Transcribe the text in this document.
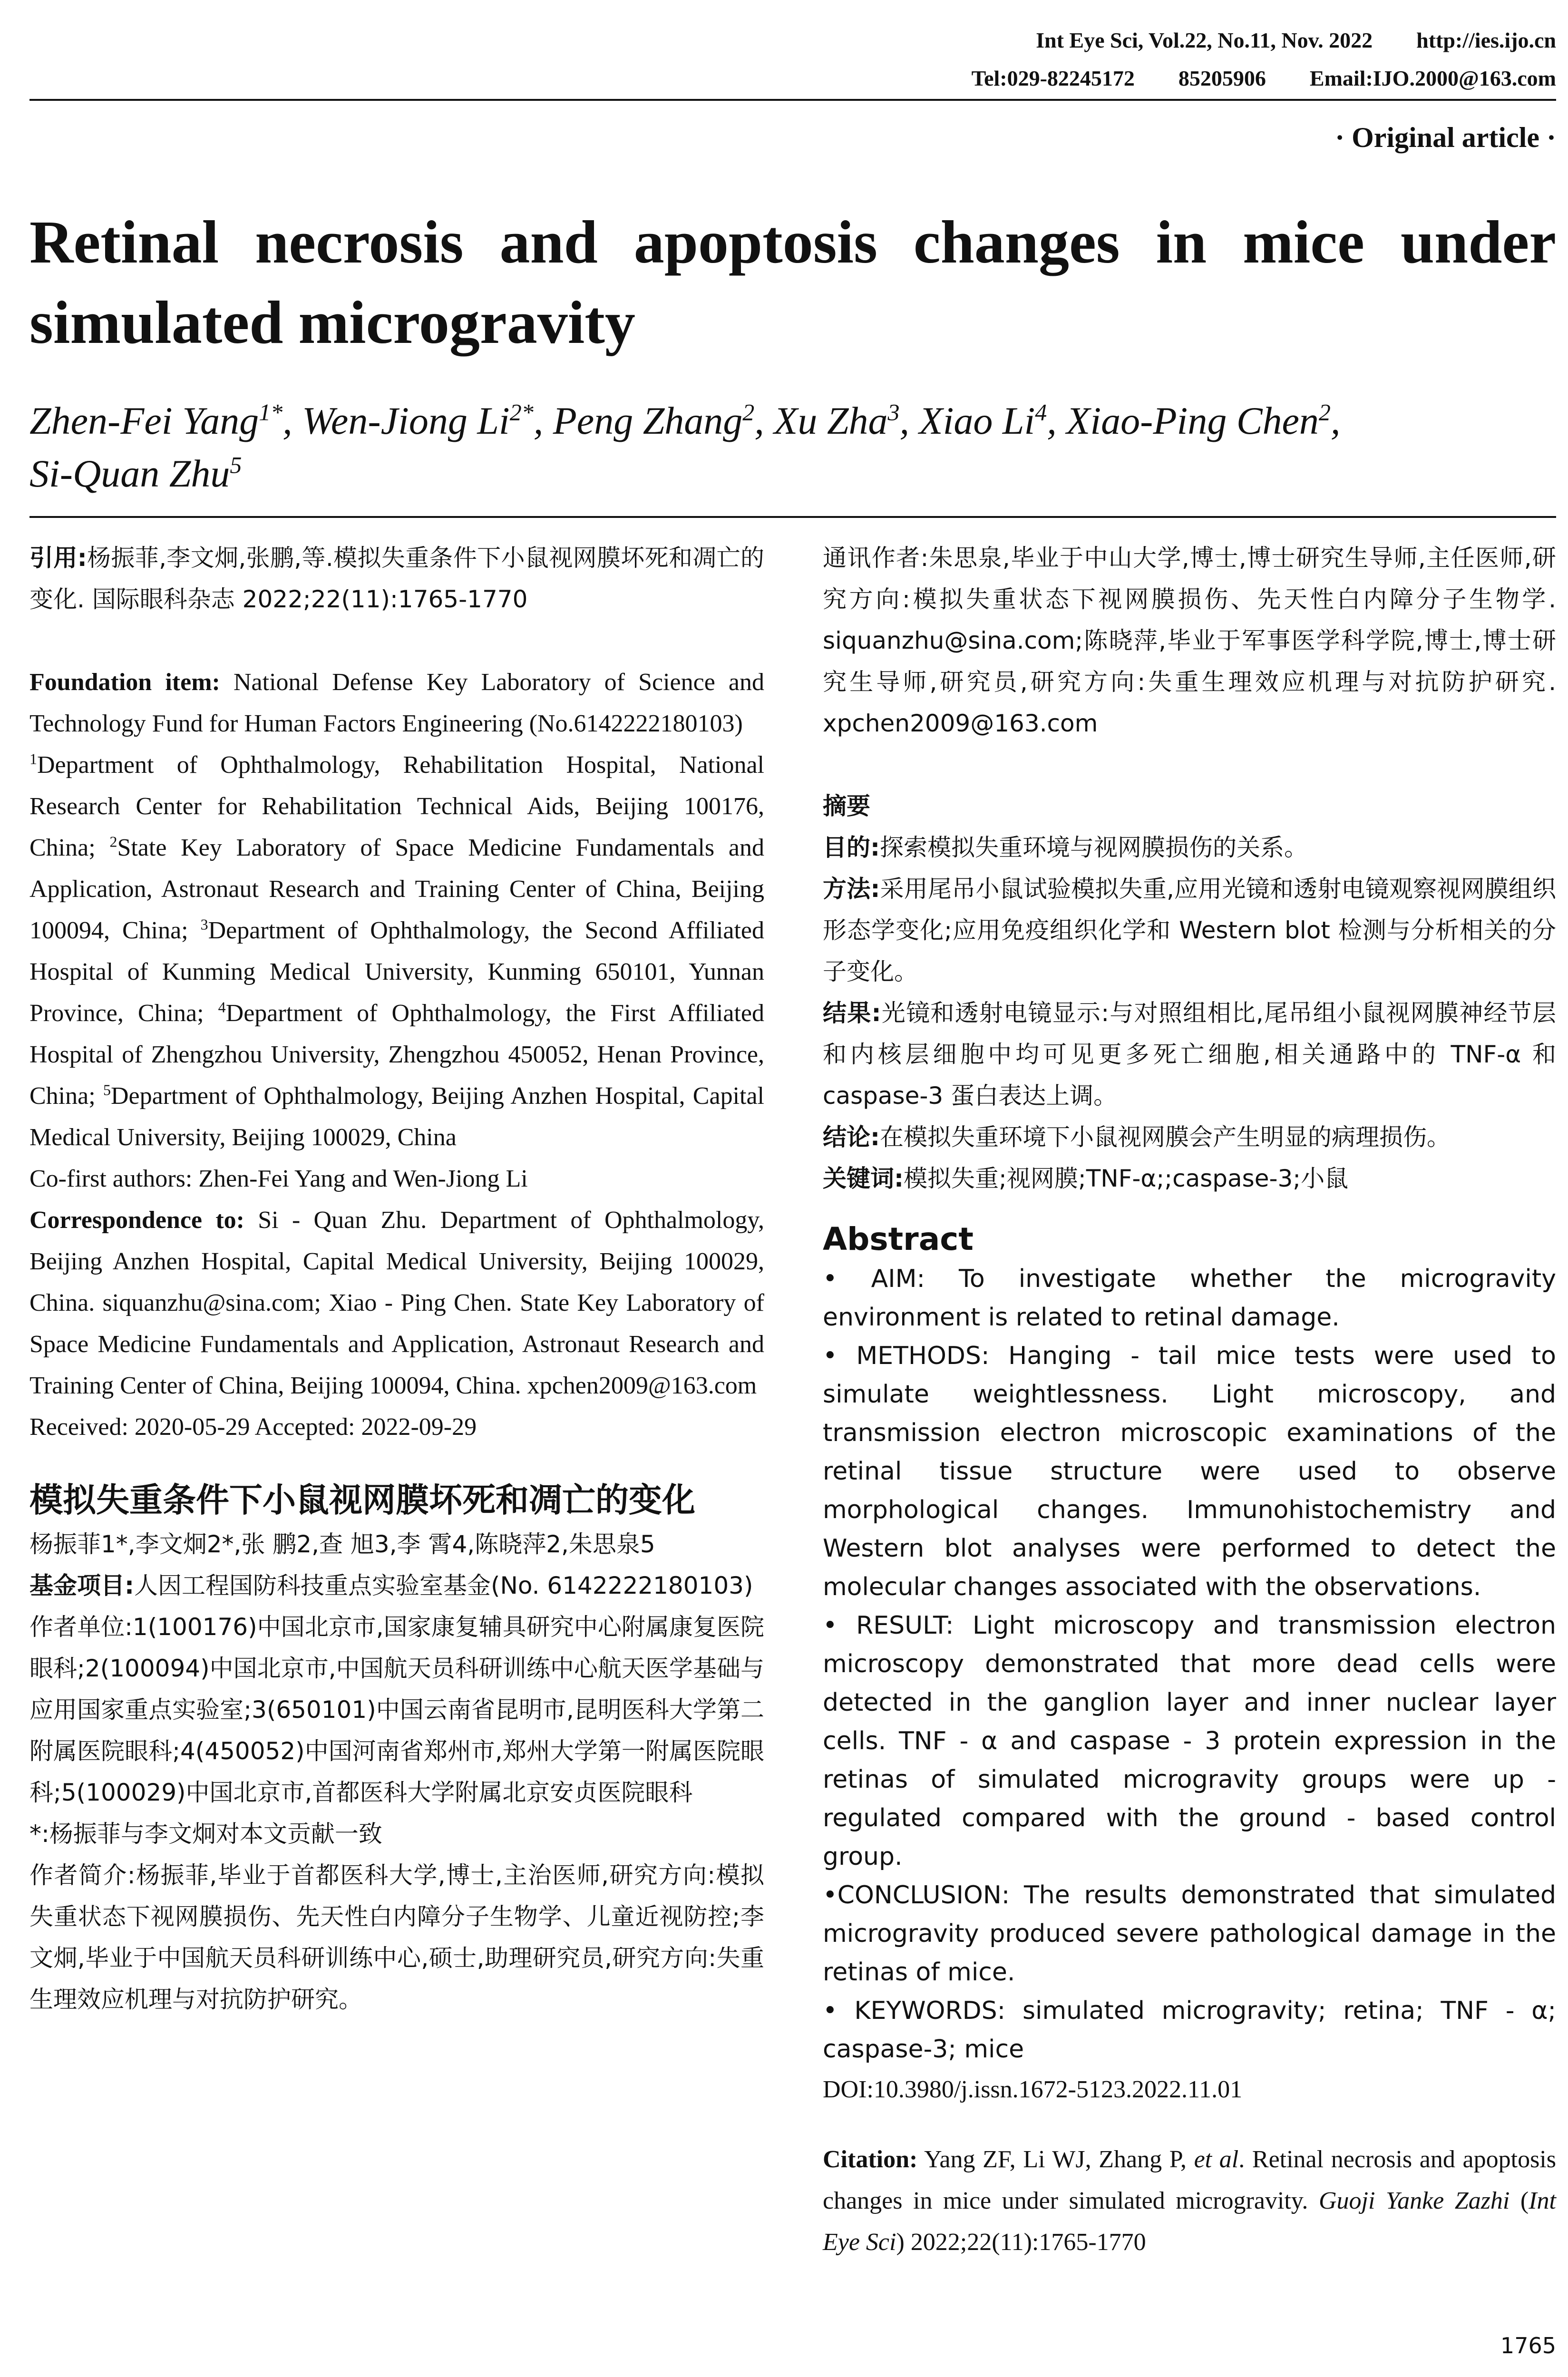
Int Eye Sci, Vol.22, No.11, Nov. 2022 http://ies.ijo.cn
Tel:029-82245172 85205906 Email:IJO.2000@163.com
· Original article ·
Retinal necrosis and apoptosis changes in mice under simulated microgravity
Zhen-Fei Yang$^{1*}$, Wen-Jiong $Li^{2*}$, Peng Zhang$^2$, Xu Zha$^3$, Xiao Li$^4$, Xiao-Ping Chen$^2$,
Si-Quan Zhu$^5$
引用:杨振菲,李文炯,张鹏,等.模拟失重条件下小鼠视网膜坏死和凋亡的变化. 国际眼科杂志 2022;22(11):1765-1770
Foundation item: National Defense Key Laboratory of Science and Technology Fund for Human Factors Engineering (No.6142222180103)
$^1$Department of Ophthalmology, Rehabilitation Hospital, National Research Center for Rehabilitation Technical Aids, Beijing 100176, China; $^2$State Key Laboratory of Space Medicine Fundamentals and Application, Astronaut Research and Training Center of China, Beijing 100094, China; $^3$Department of Ophthalmology, the Second Affiliated Hospital of Kunming Medical University, Kunming 650101, Yunnan Province, China; $^4$Department of Ophthalmology, the First Affiliated Hospital of Zhengzhou University, Zhengzhou 450052, Henan Province, China; $^5$Department of Ophthalmology, Beijing Anzhen Hospital, Capital Medical University, Beijing 100029, China
Co-first authors: Zhen-Fei Yang and Wen-Jiong Li
Correspondence to: Si - Quan Zhu. Department of Ophthalmology, Beijing Anzhen Hospital, Capital Medical University, Beijing 100029, China. siquanzhu@sina.com; Xiao - Ping Chen. State Key Laboratory of Space Medicine Fundamentals and Application, Astronaut Research and Training Center of China, Beijing 100094, China. xpchen2009@163.com
Received: 2020-05-29 Accepted: 2022-09-29
模拟失重条件下小鼠视网膜坏死和凋亡的变化
杨振菲1*,李文炯2*,张 鹏2,查 旭3,李 霄4,陈晓萍2,朱思泉5
基金项目:人因工程国防科技重点实验室基金(No. 6142222180103)
作者单位:1(100176)中国北京市,国家康复辅具研究中心附属康复医院眼科;2(100094)中国北京市,中国航天员科研训练中心航天医学基础与应用国家重点实验室;3(650101)中国云南省昆明市,昆明医科大学第二附属医院眼科;4(450052)中国河南省郑州市,郑州大学第一附属医院眼科;5(100029)中国北京市,首都医科大学附属北京安贞医院眼科
*:杨振菲与李文炯对本文贡献一致
作者简介:杨振菲,毕业于首都医科大学,博士,主治医师,研究方向:模拟失重状态下视网膜损伤、先天性白内障分子生物学、儿童近视防控;李文炯,毕业于中国航天员科研训练中心,硕士,助理研究员,研究方向:失重生理效应机理与对抗防护研究。
通讯作者:朱思泉,毕业于中山大学,博士,博士研究生导师,主任医师,研究方向:模拟失重状态下视网膜损伤、先天性白内障分子生物学. siquanzhu@sina.com;陈晓萍,毕业于军事医学科学院,博士,博士研究生导师,研究员,研究方向:失重生理效应机理与对抗防护研究. xpchen2009@163.com
摘要
目的:探索模拟失重环境与视网膜损伤的关系。
方法:采用尾吊小鼠试验模拟失重,应用光镜和透射电镜观察视网膜组织形态学变化;应用免疫组织化学和 Western blot 检测与分析相关的分子变化。
结果:光镜和透射电镜显示:与对照组相比,尾吊组小鼠视网膜神经节层和内核层细胞中均可见更多死亡细胞,相关通路中的 TNF-α 和 caspase-3 蛋白表达上调。
结论:在模拟失重环境下小鼠视网膜会产生明显的病理损伤。
关键词:模拟失重;视网膜;TNF-α;;caspase-3;小鼠
Abstract
• AIM: To investigate whether the microgravity environment is related to retinal damage.
• METHODS: Hanging - tail mice tests were used to simulate weightlessness. Light microscopy, and transmission electron microscopic examinations of the retinal tissue structure were used to observe morphological changes. Immunohistochemistry and Western blot analyses were performed to detect the molecular changes associated with the observations.
• RESULT: Light microscopy and transmission electron microscopy demonstrated that more dead cells were detected in the ganglion layer and inner nuclear layer cells. TNF - α and caspase - 3 protein expression in the retinas of simulated microgravity groups were up - regulated compared with the ground - based control group.
•CONCLUSION: The results demonstrated that simulated microgravity produced severe pathological damage in the retinas of mice.
• KEYWORDS: simulated microgravity; retina; TNF - α; caspase-3; mice
DOI:10.3980/j.issn.1672-5123.2022.11.01
Citation: Yang ZF, Li WJ, Zhang P, et al. Retinal necrosis and apoptosis changes in mice under simulated microgravity. Guoji Yanke Zazhi (Int Eye Sci) 2022;22(11):1765-1770
1765
